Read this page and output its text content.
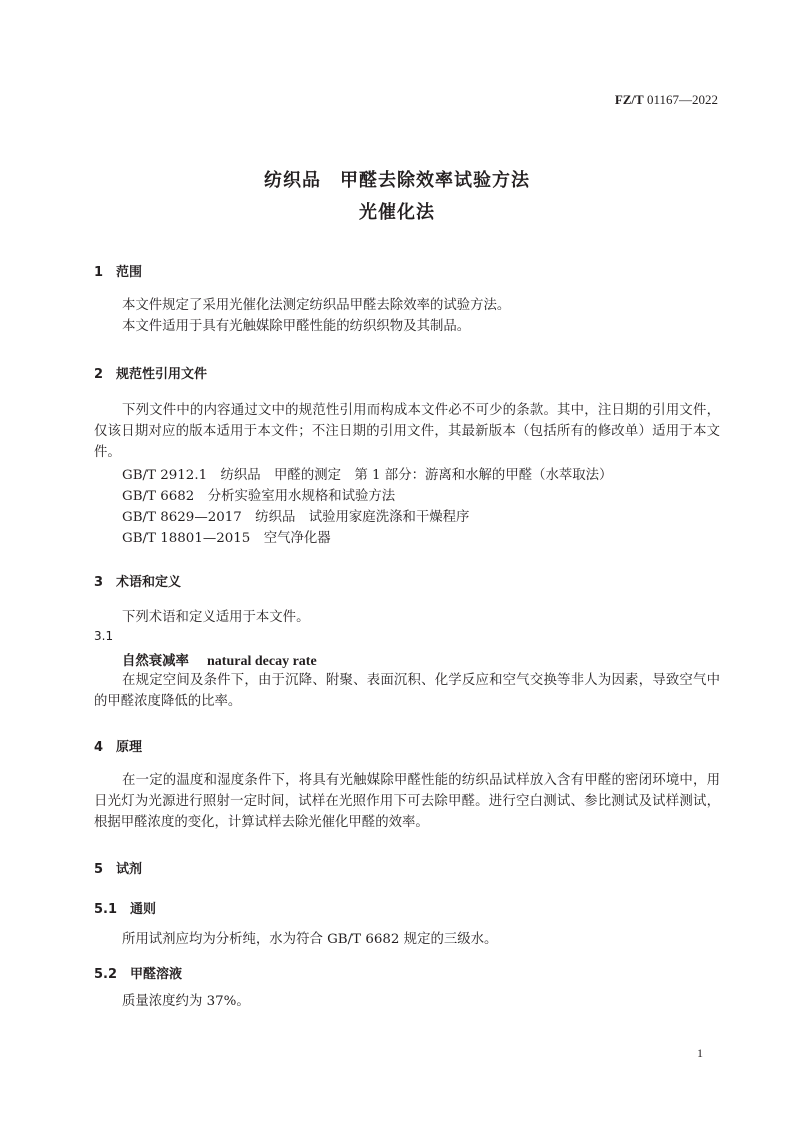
FZ/T 01167—2022
纺织品　甲醛去除效率试验方法
光催化法
1　范围
本文件规定了采用光催化法测定纺织品甲醛去除效率的试验方法。
本文件适用于具有光触媒除甲醛性能的纺织织物及其制品。
2　规范性引用文件
下列文件中的内容通过文中的规范性引用而构成本文件必不可少的条款。其中，注日期的引用文件，仅该日期对应的版本适用于本文件；不注日期的引用文件，其最新版本（包括所有的修改单）适用于本文件。
GB/T 2912.1　纺织品　甲醛的测定　第 1 部分：游离和水解的甲醛（水萃取法）
GB/T 6682　分析实验室用水规格和试验方法
GB/T 8629—2017　纺织品　试验用家庭洗涤和干燥程序
GB/T 18801—2015　空气净化器
3　术语和定义
下列术语和定义适用于本文件。
3.1
自然衰减率　 natural decay rate
在规定空间及条件下，由于沉降、附聚、表面沉积、化学反应和空气交换等非人为因素，导致空气中的甲醛浓度降低的比率。
4　原理
在一定的温度和湿度条件下，将具有光触媒除甲醛性能的纺织品试样放入含有甲醛的密闭环境中，用日光灯为光源进行照射一定时间，试样在光照作用下可去除甲醛。进行空白测试、参比测试及试样测试，根据甲醛浓度的变化，计算试样去除光催化甲醛的效率。
5　试剂
5.1　通则
所用试剂应均为分析纯，水为符合 GB/T 6682 规定的三级水。
5.2　甲醛溶液
质量浓度约为 37%。
1
